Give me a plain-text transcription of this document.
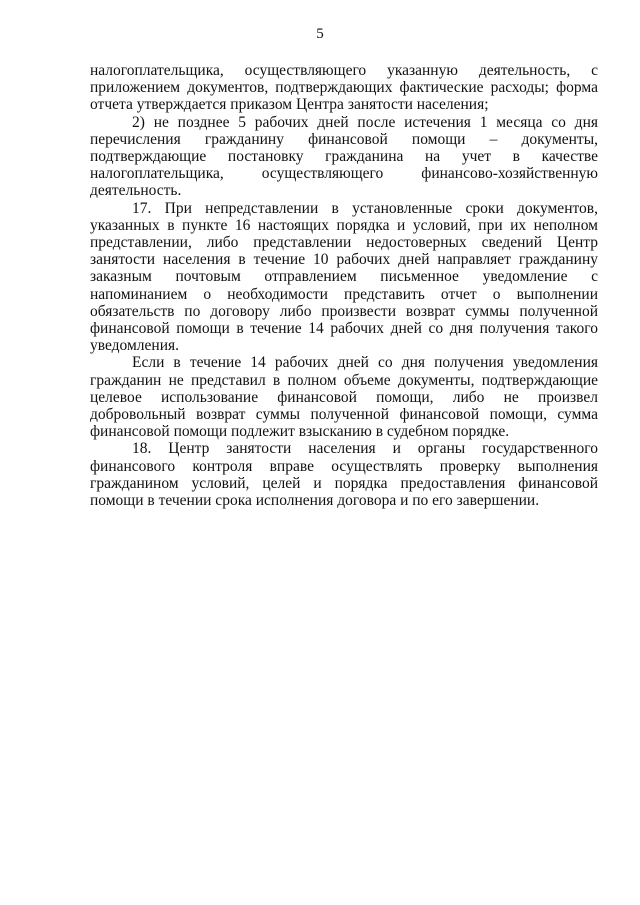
5

налогоплательщика, осуществляющего указанную деятельность, с приложением документов, подтверждающих фактические расходы; форма отчета утверждается приказом Центра занятости населения;

2) не позднее 5 рабочих дней после истечения 1 месяца со дня перечисления гражданину финансовой помощи – документы, подтверждающие постановку гражданина на учет в качестве налогоплательщика, осуществляющего финансово-хозяйственную деятельность.

17. При непредставлении в установленные сроки документов, указанных в пункте 16 настоящих порядка и условий, при их неполном представлении, либо представлении недостоверных сведений Центр занятости населения в течение 10 рабочих дней направляет гражданину заказным почтовым отправлением письменное уведомление с напоминанием о необходимости представить отчет о выполнении обязательств по договору либо произвести возврат суммы полученной финансовой помощи в течение 14 рабочих дней со дня получения такого уведомления.

Если в течение 14 рабочих дней со дня получения уведомления гражданин не представил в полном объеме документы, подтверждающие целевое использование финансовой помощи, либо не произвел добровольный возврат суммы полученной финансовой помощи, сумма финансовой помощи подлежит взысканию в судебном порядке.

18. Центр занятости населения и органы государственного финансового контроля вправе осуществлять проверку выполнения гражданином условий, целей и порядка предоставления финансовой помощи в течении срока исполнения договора и по его завершении.
